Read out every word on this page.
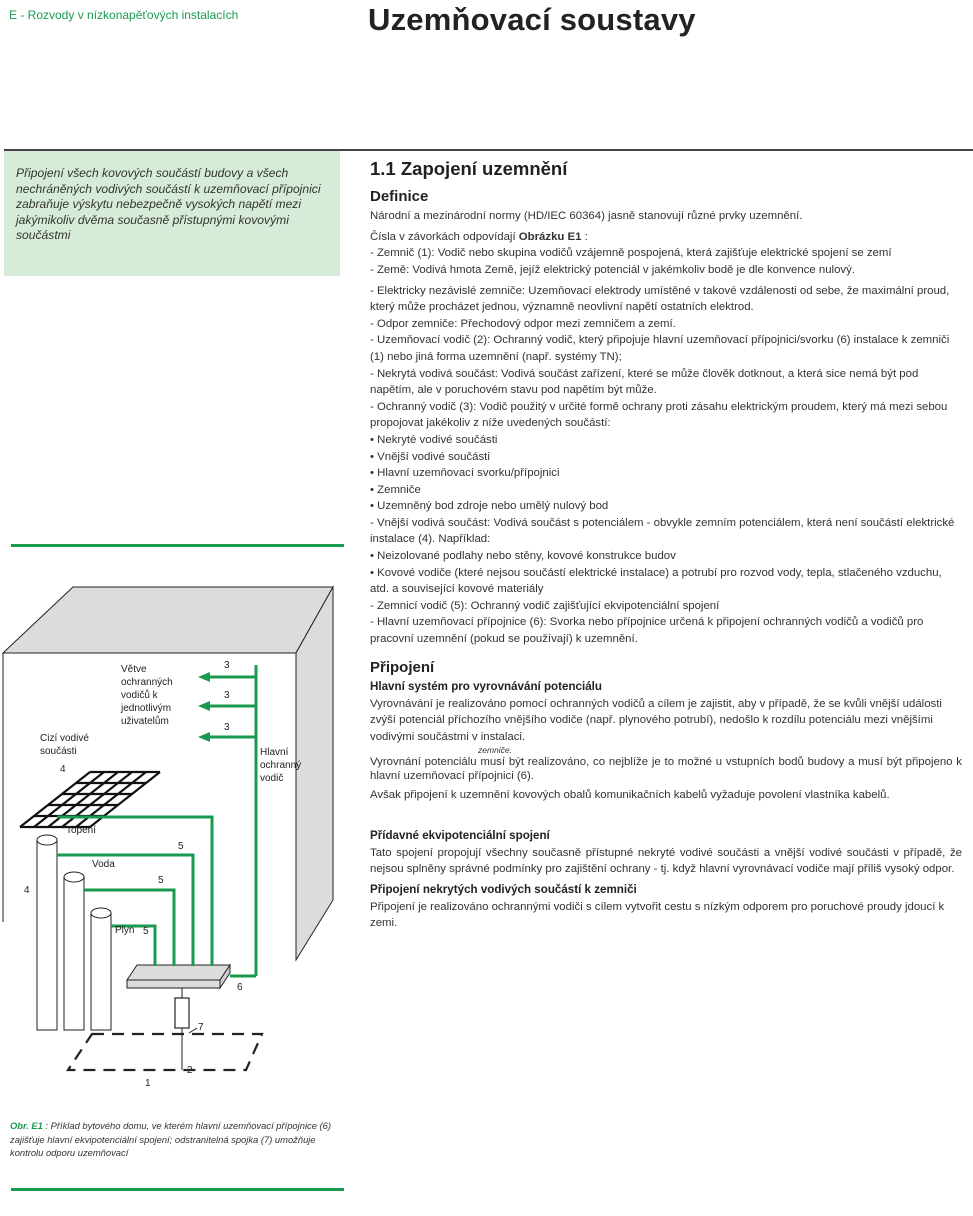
E - Rozvody v nízkonapěťových instalacích	Uzemňovací soustavy
Připojení všech kovových součástí budovy a všech nechráněných vodivých součástí k uzemňovací přípojnici zabraňuje výskytu nebezpečně vysokých napětí mezi jakýmikoliv dvěma současně přístupnými kovovými součástmi
Větve
ochranných
vodičů k
jednotlivým
uživatelům
3
3
3
Hlavní
ochranný
vodič
Cizí vodivé
součásti
4
Topení
5
Voda
5
Plyn 5
4
6
7
2
1
Obr. E1 : Příklad bytového domu, ve kterém hlavní uzemňovací přípojnice (6) zajišťuje hlavní ekvipotenciální spojení; odstranitelná spojka (7) umožňuje kontrolu odporu uzemňovací
1.1 Zapojení uzemnění
Definice

Národní a mezinárodní normy (HD/IEC 60364) jasně stanovují různé prvky uzemnění.

Čísla v závorkách odpovídají Obrázku E1 :

- Zemnič (1): Vodič nebo skupina vodičů vzájemně pospojená, která zajišťuje elektrické spojení se zemí

- Země: Vodivá hmota Země, jejíž elektrický potenciál v jakémkoliv bodě je dle konvence nulový.

- Elektricky nezávislé zemniče: Uzemňovací elektrody umístěné v takové vzdálenosti od sebe, že maximální proud, který může procházet jednou, významně neovlivní napětí ostatních elektrod.

- Odpor zemniče: Přechodový odpor mezi zemničem a zemí.

- Uzemňovací vodič (2): Ochranný vodič, který připojuje hlavní uzemňovací přípojnici/svorku (6) instalace k zemniči (1) nebo jiná forma uzemnění (např. systémy TN);

- Nekrytá vodivá součást: Vodivá součást zařízení, které se může člověk dotknout, a která sice nemá být pod napětím, ale v poruchovém stavu pod napětím být může.

- Ochranný vodič (3): Vodič použitý v určité formě ochrany proti zásahu elektrickým proudem, který má mezi sebou propojovat jakékoliv z níže uvedených součástí:

• Nekryté vodivé součásti

• Vnější vodivé součásti

• Hlavní uzemňovací svorku/přípojnici

• Zemniče

• Uzemněný bod zdroje nebo umělý nulový bod

- Vnější vodivá součást: Vodivá součást s potenciálem - obvykle zemním potenciálem, která není součástí elektrické instalace (4). Například:

• Neizolované podlahy nebo stěny, kovové konstrukce budov

• Kovové vodiče (které nejsou součástí elektrické instalace) a potrubí pro rozvod vody, tepla, stlačeného vzduchu, atd. a související kovové materiály

- Zemnicí vodič (5): Ochranný vodič zajišťující ekvipotenciální spojení

- Hlavní uzemňovací přípojnice (6): Svorka nebo přípojnice určená k připojení ochranných vodičů a vodičů pro pracovní uzemnění (pokud se používají) k uzemnění.

Připojení
Hlavní systém pro vyrovnávání potenciálu

Vyrovnávání je realizováno pomocí ochranných vodičů a cílem je zajistit, aby v případě, že se kvůli vnější události zvýší potenciál příchozího vnějšího vodiče (např. plynového potrubí), nedošlo k rozdílu potenciálu mezi vnějšími vodivými součástmi v instalaci.

zemniče.

Vyrovnání potenciálu musí být realizováno, co nejblíže je to možné u vstupních bodů budovy a musí být připojeno k hlavní uzemňovací přípojnici (6).

Avšak připojení k uzemnění kovových obalů komunikačních kabelů vyžaduje povolení vlastníka kabelů.

Přídavné ekvipotenciální spojení

Tato spojení propojují všechny současně přístupné nekryté vodivé součásti a vnější vodivé součásti v případě, že nejsou splněny správné podmínky pro zajištění ochrany - tj. když hlavní vyrovnávací vodiče mají příliš vysoký odpor.

Připojení nekrytých vodivých součástí k zemniči

Připojení je realizováno ochrannými vodiči s cílem vytvořit cestu s nízkým odporem pro poruchové proudy jdoucí k zemi.
